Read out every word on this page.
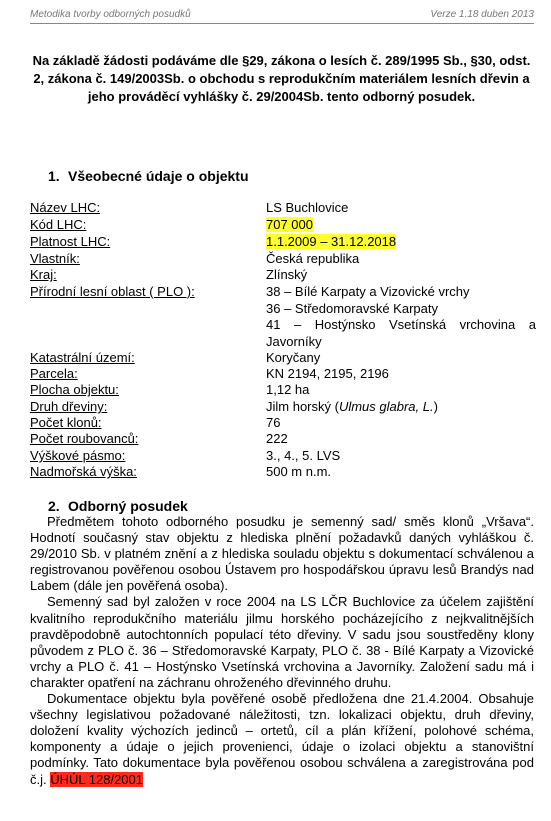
Metodika tvorby odborných posudků	Verze 1.18 duben 2013
Na základě žádosti podáváme dle §29, zákona o lesích č. 289/1995 Sb., §30, odst. 2, zákona č. 149/2003Sb. o obchodu s reprodukčním materiálem lesních dřevin a jeho prováděcí vyhlášky č. 29/2004Sb. tento odborný posudek.
1. Všeobecné údaje o objektu
Název LHC:	LS Buchlovice
Kód LHC:	707 000
Platnost LHC:	1.1.2009 – 31.12.2018
Vlastník:	Česká republika
Kraj:	Zlínský
Přírodní lesní oblast ( PLO ):	38 – Bílé Karpaty a Vizovické vrchy
36 – Středomoravské Karpaty
41 – Hostýnsko Vsetínská vrchovina a Javorníky
Katastrální území:	Koryčany
Parcela:	KN 2194, 2195, 2196
Plocha objektu:	1,12 ha
Druh dřeviny:	Jilm horský (Ulmus glabra, L.)
Počet klonů:	76
Počet roubovanců:	222
Výškové pásmo:	3., 4., 5. LVS
Nadmořská výška:	500 m n.m.
2. Odborný posudek

Předmětem tohoto odborného posudku je semenný sad/ směs klonů „Vršava“. Hodnotí současný stav objektu z hlediska plnění požadavků daných vyhláškou č. 29/2010 Sb. v platném znění a z hlediska souladu objektu s dokumentací schválenou a registrovanou pověřenou osobou Ústavem pro hospodářskou úpravu lesů Brandýs nad Labem (dále jen pověřená osoba).

Semenný sad byl založen v roce 2004 na LS LČR Buchlovice za účelem zajištění kvalitního reprodukčního materiálu jilmu horského pocházejícího z nejkvalitnějších pravděpodobně autochtonních populací této dřeviny. V sadu jsou soustředěny klony původem z PLO č. 36 – Středomoravské Karpaty, PLO č. 38 - Bílé Karpaty a Vizovické vrchy a PLO č. 41 – Hostýnsko Vsetínská vrchovina a Javorníky. Založení sadu má i charakter opatření na záchranu ohroženého dřevinného druhu.

Dokumentace objektu byla pověřené osobě předložena dne 21.4.2004. Obsahuje všechny legislativou požadované náležitosti, tzn. lokalizaci objektu, druh dřeviny, doložení kvality výchozích jedinců – ortetů, cíl a plán křížení, polohové schéma, komponenty a údaje o jejich provenienci, údaje o izolaci objektu a stanovištní podmínky. Tato dokumentace byla pověřenou osobou schválena a zaregistrována pod č.j. ÚHÚL 128/2001
